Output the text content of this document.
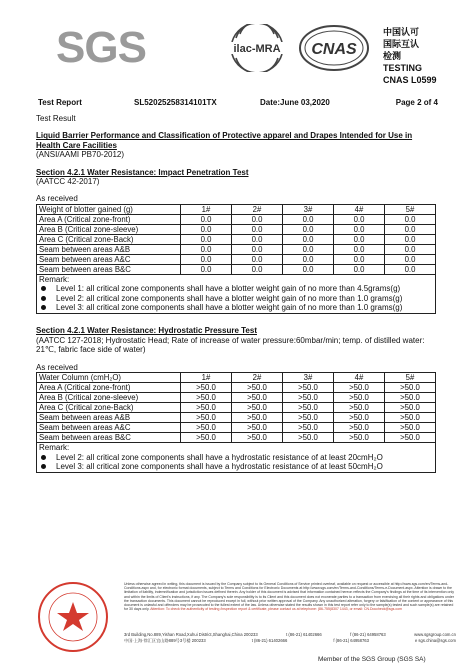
SGS	ilac-MRA CNAS
中国认可
国际互认
检测
TESTING
CNAS L0599
Test Report	SL52025258314101TX	Date:June 03,2020	Page 2 of 4
Test Result
Liquid Barrier Performance and Classification of Protective apparel and Drapes Intended for Use in Health Care Facilities
(ANSI/AAMI PB70-2012)
Section 4.2.1 Water Resistance: Impact Penetration Test
(AATCC 42-2017)
As received
Weight of blotter gained (g)	1#	2#	3#	4#	5#
Area A (Critical zone-front)	0.0	0.0	0.0	0.0	0.0
Area B (Critical zone-sleeve)	0.0	0.0	0.0	0.0	0.0
Area C (Critical zone-Back)	0.0	0.0	0.0	0.0	0.0
Seam between areas A&B	0.0	0.0	0.0	0.0	0.0
Seam between areas A&C	0.0	0.0	0.0	0.0	0.0
Seam between areas B&C	0.0	0.0	0.0	0.0	0.0
Remark:
Level 1: all critical zone components shall have a blotter weight gain of no more than 4.5grams(g)
Level 2: all critical zone components shall have a blotter weight gain of no more than 1.0 grams(g)
Level 3: all critical zone components shall have a blotter weight gain of no more than 1.0 grams(g)
Section 4.2.1 Water Resistance: Hydrostatic Pressure Test
(AATCC 127-2018; Hydrostatic Head; Rate of increase of water pressure:60mbar/min; temp. of distilled water: 21℃, fabric face side of water)
As received
Water Column (cmH₂O)	1#	2#	3#	4#	5#
Area A (Critical zone-front)	>50.0	>50.0	>50.0	>50.0	>50.0
Area B (Critical zone-sleeve)	>50.0	>50.0	>50.0	>50.0	>50.0
Area C (Critical zone-Back)	>50.0	>50.0	>50.0	>50.0	>50.0
Seam between areas A&B	>50.0	>50.0	>50.0	>50.0	>50.0
Seam between areas A&C	>50.0	>50.0	>50.0	>50.0	>50.0
Seam between areas B&C	>50.0	>50.0	>50.0	>50.0	>50.0
Remark:
Level 2: all critical zone components shall have a hydrostatic resistance of at least 20cmH₂O
Level 3: all critical zone components shall have a hydrostatic resistance of at least 50cmH₂O
Unless otherwise agreed in writing, this document is issued by the Company subject to its General Conditions of Service printed overleaf, available on request or accessible at http://www.sgs.com/en/Terms-and-Conditions.aspx and, for electronic format documents, subject to Terms and Conditions for Electronic Documents at http://www.sgs.com/en/Terms-and-Conditions/Terms-e-Document.aspx. Attention is drawn to the limitation of liability, indemnification and jurisdiction issues defined therein. Any holder of this document is advised that information contained hereon reflects the Company's findings at the time of its intervention only and within the limits of Client's instructions, if any. The Company's sole responsibility is to its Client and this document does not exonerate parties to a transaction from exercising all their rights and obligations under the transaction documents. This document cannot be reproduced except in full, without prior written approval of the Company. Any unauthorized alteration, forgery or falsification of the content or appearance of this document is unlawful and offenders may be prosecuted to the fullest extent of the law. Unless otherwise stated the results shown in this test report refer only to the sample(s) tested and such sample(s) are retained for 30 days only. Attention: To check the authenticity of testing /inspection report & certificate, please contact us at telephone: (86-755)8307 1443, or email: CN.Doccheck@sgs.com
3rd Building,No.889,Yishan Road,Xuhui District,Shanghai,China 200233	t (86-21) 61402666	f (86-21) 64958763	www.sgsgroup.com.cn
中国·上海·徐汇区宜山路889号3号楼 200233	t (86-21) 61402666	f (86-21) 64958763	e sgs.china@sgs.com
Member of the SGS Group (SGS SA)
